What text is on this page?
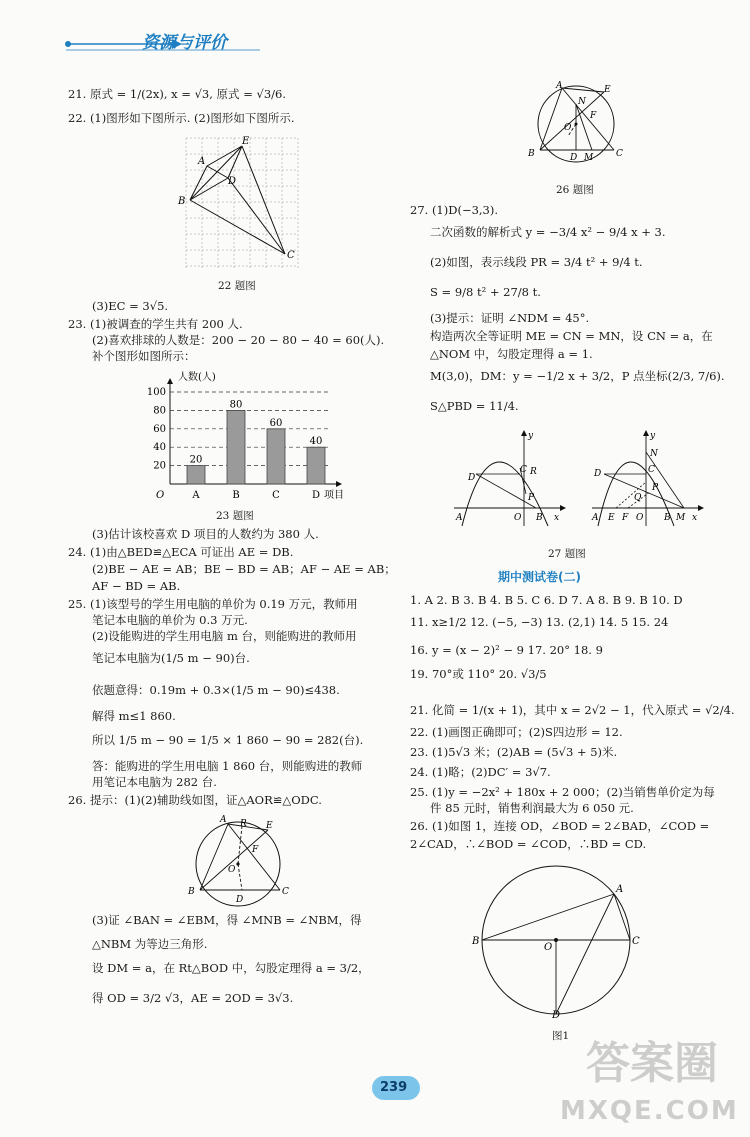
资源与评价
21. 原式 = 1/(2x), x = √3, 原式 = √3/6.
22. (1)图形如下图所示. (2)图形如下图所示.
A
E
D
B
C
22 题图
(3)EC = 3√5.
23. (1)被调查的学生共有 200 人.
(2)喜欢排球的人数是：200 − 20 − 80 − 40 = 60(人).
补个图形如图所示：
人数(人)
项目
O
20
40
60
80
100
20
A
80
B
60
C
40
D
23 题图
(3)估计该校喜欢 D 项目的人数约为 380 人.
24. (1)由△BED≌△ECA 可证出 AE = DB.
(2)BE − AE = AB；BE − BD = AB；AF − AE = AB；
AF − BD = AB.
25. (1)该型号的学生用电脑的单价为 0.19 万元，教师用
笔记本电脑的单价为 0.3 万元.
(2)设能购进的学生用电脑 m 台，则能购进的教师用
笔记本电脑为(1/5 m − 90)台.
依题意得：0.19m + 0.3×(1/5 m − 90)≤438.
解得 m≤1 860.
所以 1/5 m − 90 = 1/5 × 1 860 − 90 = 282(台).
答：能购进的学生用电脑 1 860 台，则能购进的教师
用笔记本电脑为 282 台.
26. 提示：(1)(2)辅助线如图，证△AOR≌△ODC.
A R E
F
O
B
D
C
(3)证 ∠BAN = ∠EBM，得 ∠MNB = ∠NBM，得
△NBM 为等边三角形.
设 DM = a，在 Rt△BOD 中，勾股定理得 a = 3/2，
得 OD = 3/2 √3，AE = 2OD = 3√3.
A	E
N
F
O
B	D M	C
26 题图
27. (1)D(−3,3).
二次函数的解析式 y = −3/4 x² − 9/4 x + 3.
(2)如图，表示线段 PR = 3/4 t² + 9/4 t.
S = 9/8 t² + 27/8 t.
(3)提示：证明 ∠NDM = 45°.
构造两次全等证明 ME = CN = MN，设 CN = a，在
△NOM 中，勾股定理得 a = 1.
M(3,0)，DM：y = −1/2 x + 3/2，P 点坐标(2/3, 7/6).
S△PBD = 11/4.
y
D
C R
P
A	O B x
y
N
D	C
P
Q
A E F O B M x
27 题图
期中测试卷(二)
1. A 2. B 3. B 4. B 5. C 6. D 7. A 8. B 9. B 10. D
11. x≥1/2 12. (−5, −3) 13. (2,1) 14. 5 15. 24
16. y = (x − 2)² − 9 17. 20° 18. 9
19. 70°或 110° 20. √3/5
21. 化简 = 1/(x + 1)，其中 x = 2√2 − 1，代入原式 = √2/4.
22. (1)画图正确即可；(2)S四边形 = 12.
23. (1)5√3 米；(2)AB = (5√3 + 5)米.
24. (1)略；(2)DC′ = 3√7.
25. (1)y = −2x² + 180x + 2 000；(2)当销售单价定为每
件 85 元时，销售利润最大为 6 050 元.
26. (1)如图 1，连接 OD，∠BOD = 2∠BAD，∠COD =
2∠CAD，∴∠BOD = ∠COD，∴BD = CD.
A
B
O
C
D
图1
239	答案圈
MXQE.COM
